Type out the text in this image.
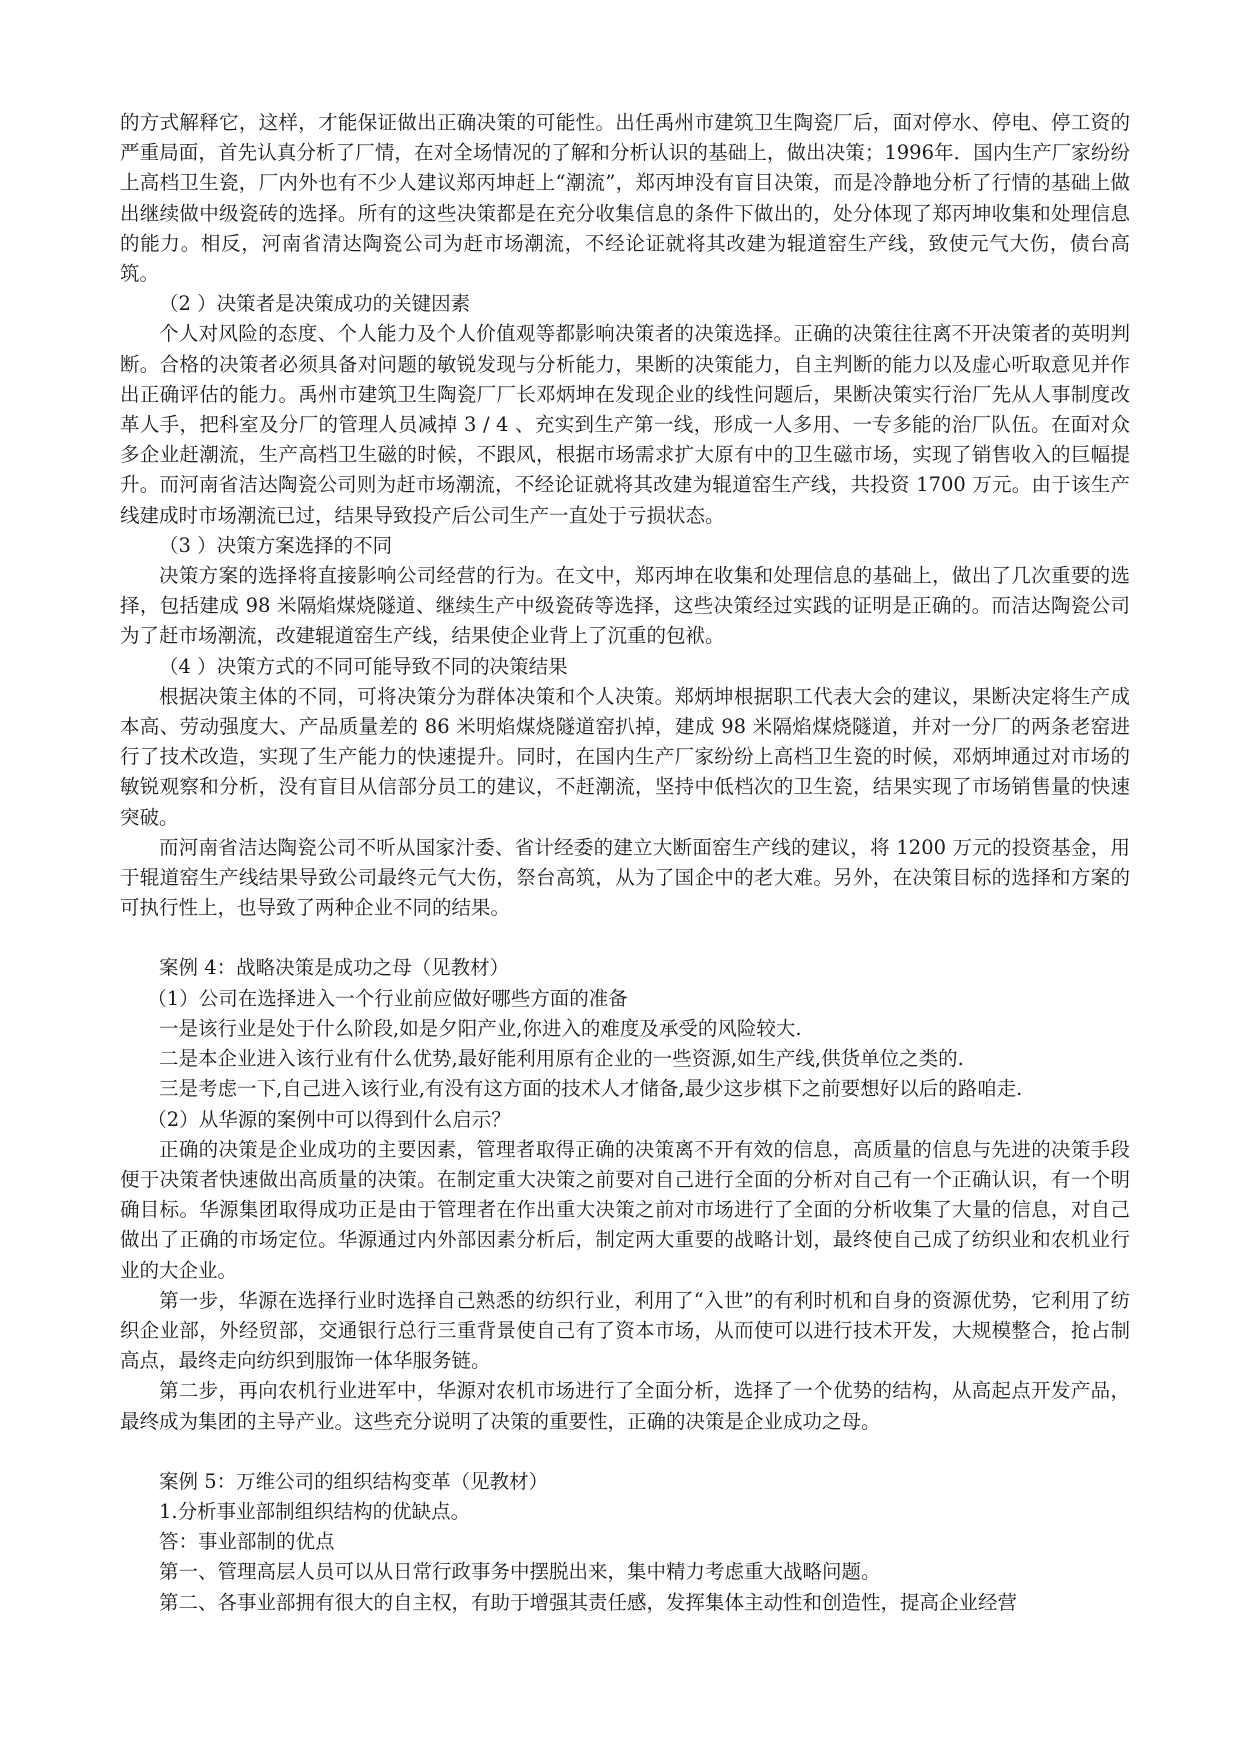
的方式解释它，这样，才能保证做出正确决策的可能性。出任禹州市建筑卫生陶瓷厂后，面对停水、停电、停工资的严重局面，首先认真分析了厂情，在对全场情况的了解和分析认识的基础上，做出决策；1996年．国内生产厂家纷纷上高档卫生瓷，厂内外也有不少人建议郑丙坤赶上“潮流”，郑丙坤没有盲目决策，而是冷静地分析了行情的基础上做出继续做中级瓷砖的选择。所有的这些决策都是在充分收集信息的条件下做出的，处分体现了郑丙坤收集和处理信息的能力。相反，河南省清达陶瓷公司为赶市场潮流，不经论证就将其改建为辊道窑生产线，致使元气大伤，债台高筑。

（2 ）决策者是决策成功的关键因素

个人对风险的态度、个人能力及个人价值观等都影响决策者的决策选择。正确的决策往往离不开决策者的英明判断。合格的决策者必须具备对问题的敏锐发现与分析能力，果断的决策能力，自主判断的能力以及虚心听取意见并作出正确评估的能力。禹州市建筑卫生陶瓷厂厂长邓炳坤在发现企业的线性问题后，果断决策实行治厂先从人事制度改革人手，把科室及分厂的管理人员减掉 3 / 4 、充实到生产第一线，形成一人多用、一专多能的治厂队伍。在面对众多企业赶潮流，生产高档卫生磁的时候，不跟风，根据市场需求扩大原有中的卫生磁市场，实现了销售收入的巨幅提升。而河南省洁达陶瓷公司则为赶市场潮流，不经论证就将其改建为辊道窑生产线，共投资 1700 万元。由于该生产线建成时市场潮流已过，结果导致投产后公司生产一直处于亏损状态。

（3 ）决策方案选择的不同

决策方案的选择将直接影响公司经营的行为。在文中，郑丙坤在收集和处理信息的基础上，做出了几次重要的选择，包括建成 98 米隔焰煤烧隧道、继续生产中级瓷砖等选择，这些决策经过实践的证明是正确的。而洁达陶瓷公司为了赶市场潮流，改建辊道窑生产线，结果使企业背上了沉重的包袱。

（4 ）决策方式的不同可能导致不同的决策结果

根据决策主体的不同，可将决策分为群体决策和个人决策。郑炳坤根据职工代表大会的建议，果断决定将生产成本高、劳动强度大、产品质量差的 86 米明焰煤烧隧道窑扒掉，建成 98 米隔焰煤烧隧道，并对一分厂的两条老窑进行了技术改造，实现了生产能力的快速提升。同时，在国内生产厂家纷纷上高档卫生瓷的时候，邓炳坤通过对市场的敏锐观察和分析，没有盲目从信部分员工的建议，不赶潮流，坚持中低档次的卫生瓷，结果实现了市场销售量的快速突破。

而河南省洁达陶瓷公司不听从国家汁委、省计经委的建立大断面窑生产线的建议，将 1200 万元的投资基金，用于辊道窑生产线结果导致公司最终元气大伤，祭台高筑，从为了国企中的老大难。另外，在决策目标的选择和方案的可执行性上，也导致了两种企业不同的结果。

案例 4：战略决策是成功之母（见教材）

（1）公司在选择进入一个行业前应做好哪些方面的准备

一是该行业是处于什么阶段,如是夕阳产业,你进入的难度及承受的风险较大.

二是本企业进入该行业有什么优势,最好能利用原有企业的一些资源,如生产线,供货单位之类的.

三是考虑一下,自己进入该行业,有没有这方面的技术人才储备,最少这步棋下之前要想好以后的路咱走.

（2）从华源的案例中可以得到什么启示？

正确的决策是企业成功的主要因素，管理者取得正确的决策离不开有效的信息，高质量的信息与先进的决策手段便于决策者快速做出高质量的决策。在制定重大决策之前要对自己进行全面的分析对自己有一个正确认识，有一个明确目标。华源集团取得成功正是由于管理者在作出重大决策之前对市场进行了全面的分析收集了大量的信息，对自己做出了正确的市场定位。华源通过内外部因素分析后，制定两大重要的战略计划，最终使自己成了纺织业和农机业行业的大企业。

第一步，华源在选择行业时选择自己熟悉的纺织行业，利用了“入世”的有利时机和自身的资源优势，它利用了纺织企业部，外经贸部，交通银行总行三重背景使自己有了资本市场，从而使可以进行技术开发，大规模整合，抢占制高点，最终走向纺织到服饰一体华服务链。

第二步，再向农机行业进军中，华源对农机市场进行了全面分析，选择了一个优势的结构，从高起点开发产品，最终成为集团的主导产业。这些充分说明了决策的重要性，正确的决策是企业成功之母。

案例 5：万维公司的组织结构变革（见教材）

1.分析事业部制组织结构的优缺点。

答：事业部制的优点

第一、管理高层人员可以从日常行政事务中摆脱出来，集中精力考虑重大战略问题。

第二、各事业部拥有很大的自主权，有助于增强其责任感，发挥集体主动性和创造性，提高企业经营
